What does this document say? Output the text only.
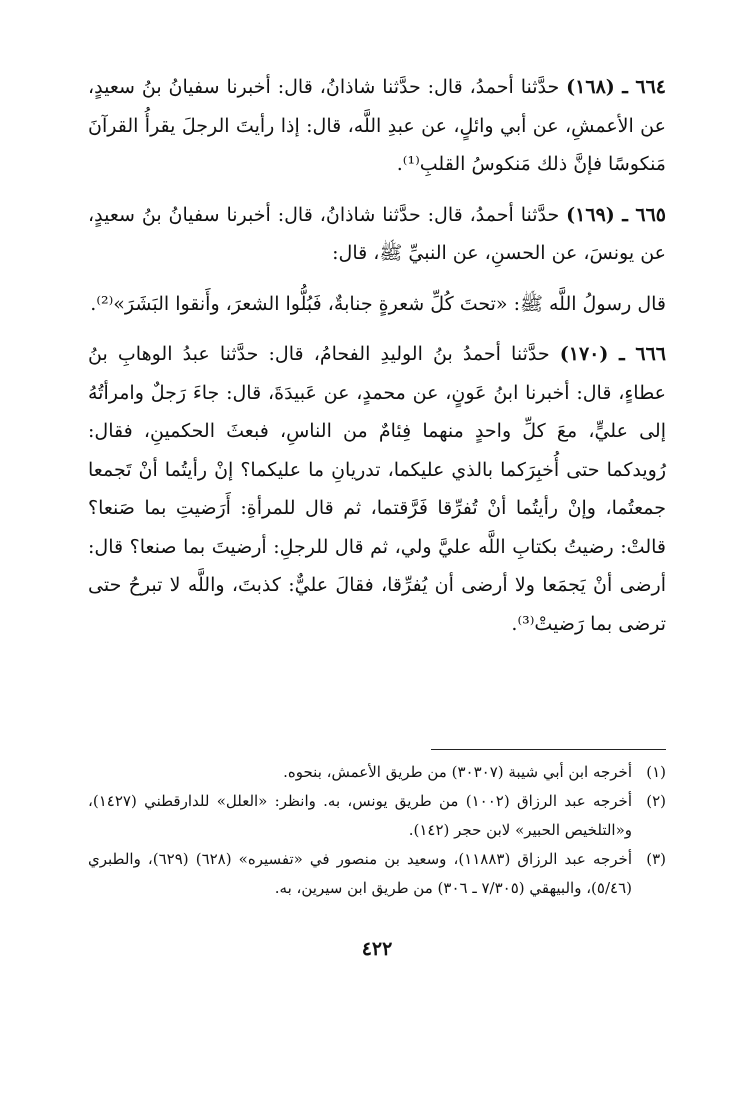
٦٦٤ ـ (١٦٨) حدَّثنا أحمدُ، قال: حدَّثنا شاذانُ، قال: أخبرنا سفيانُ بنُ سعيدٍ، عن الأعمشِ، عن أبي وائلٍ، عن عبدِ اللَّه، قال: إذا رأيتَ الرجلَ يقرأُ القرآنَ مَنكوسًا فإنَّ ذلك مَنكوسُ القلبِ⁽¹⁾.

٦٦٥ ـ (١٦٩) حدَّثنا أحمدُ، قال: حدَّثنا شاذانُ، قال: أخبرنا سفيانُ بنُ سعيدٍ، عن يونسَ، عن الحسنِ، عن النبيِّ ﷺ، قال:

قال رسولُ اللَّه ﷺ: «تحتَ كُلِّ شعرةٍ جنابةٌ، فَبُلُّوا الشعرَ، وأَنقوا البَشَرَ»⁽²⁾.

٦٦٦ ـ (١٧٠) حدَّثنا أحمدُ بنُ الوليدِ الفحامُ، قال: حدَّثنا عبدُ الوهابِ بنُ عطاءٍ، قال: أخبرنا ابنُ عَونٍ، عن محمدٍ، عن عَبيدَةَ، قال: جاءَ رَجلٌ وامرأتُهُ إلى عليٍّ، معَ كلِّ واحدٍ منهما فِئامٌ من الناسِ، فبعثَ الحكمينِ، فقال: رُويدكما حتى أُخبِرَكما بالذي عليكما، تدريانِ ما عليكما؟ إنْ رأيتُما أنْ تَجمعا جمعتُما، وإنْ رأيتُما أنْ تُفرِّقا فَرَّقتما، ثم قال للمرأةِ: أَرَضيتِ بما صَنعا؟ قالتْ: رضيتُ بكتابِ اللَّه عليَّ ولي، ثم قال للرجلِ: أرضيتَ بما صنعا؟ قال: أرضى أنْ يَجمَعا ولا أرضى أن يُفرِّقا، فقالَ عليٌّ: كذبتَ، واللَّه لا تبرحُ حتى ترضى بما رَضيتْ⁽³⁾.

(١)
أخرجه ابن أبي شيبة (٣٠٣٠٧) من طريق الأعمش، بنحوه.
(٢)
أخرجه عبد الرزاق (١٠٠٢) من طريق يونس، به. وانظر: «العلل» للدارقطني (١٤٢٧)، و«التلخيص الحبير» لابن حجر (١٤٢).
(٣)
أخرجه عبد الرزاق (١١٨٨٣)، وسعيد بن منصور في «تفسيره» (٦٢٨) (٦٢٩)، والطبري (٥/٤٦)، والبيهقي (٧/٣٠٥ ـ ٣٠٦) من طريق ابن سيرين، به.
٤٢٢
